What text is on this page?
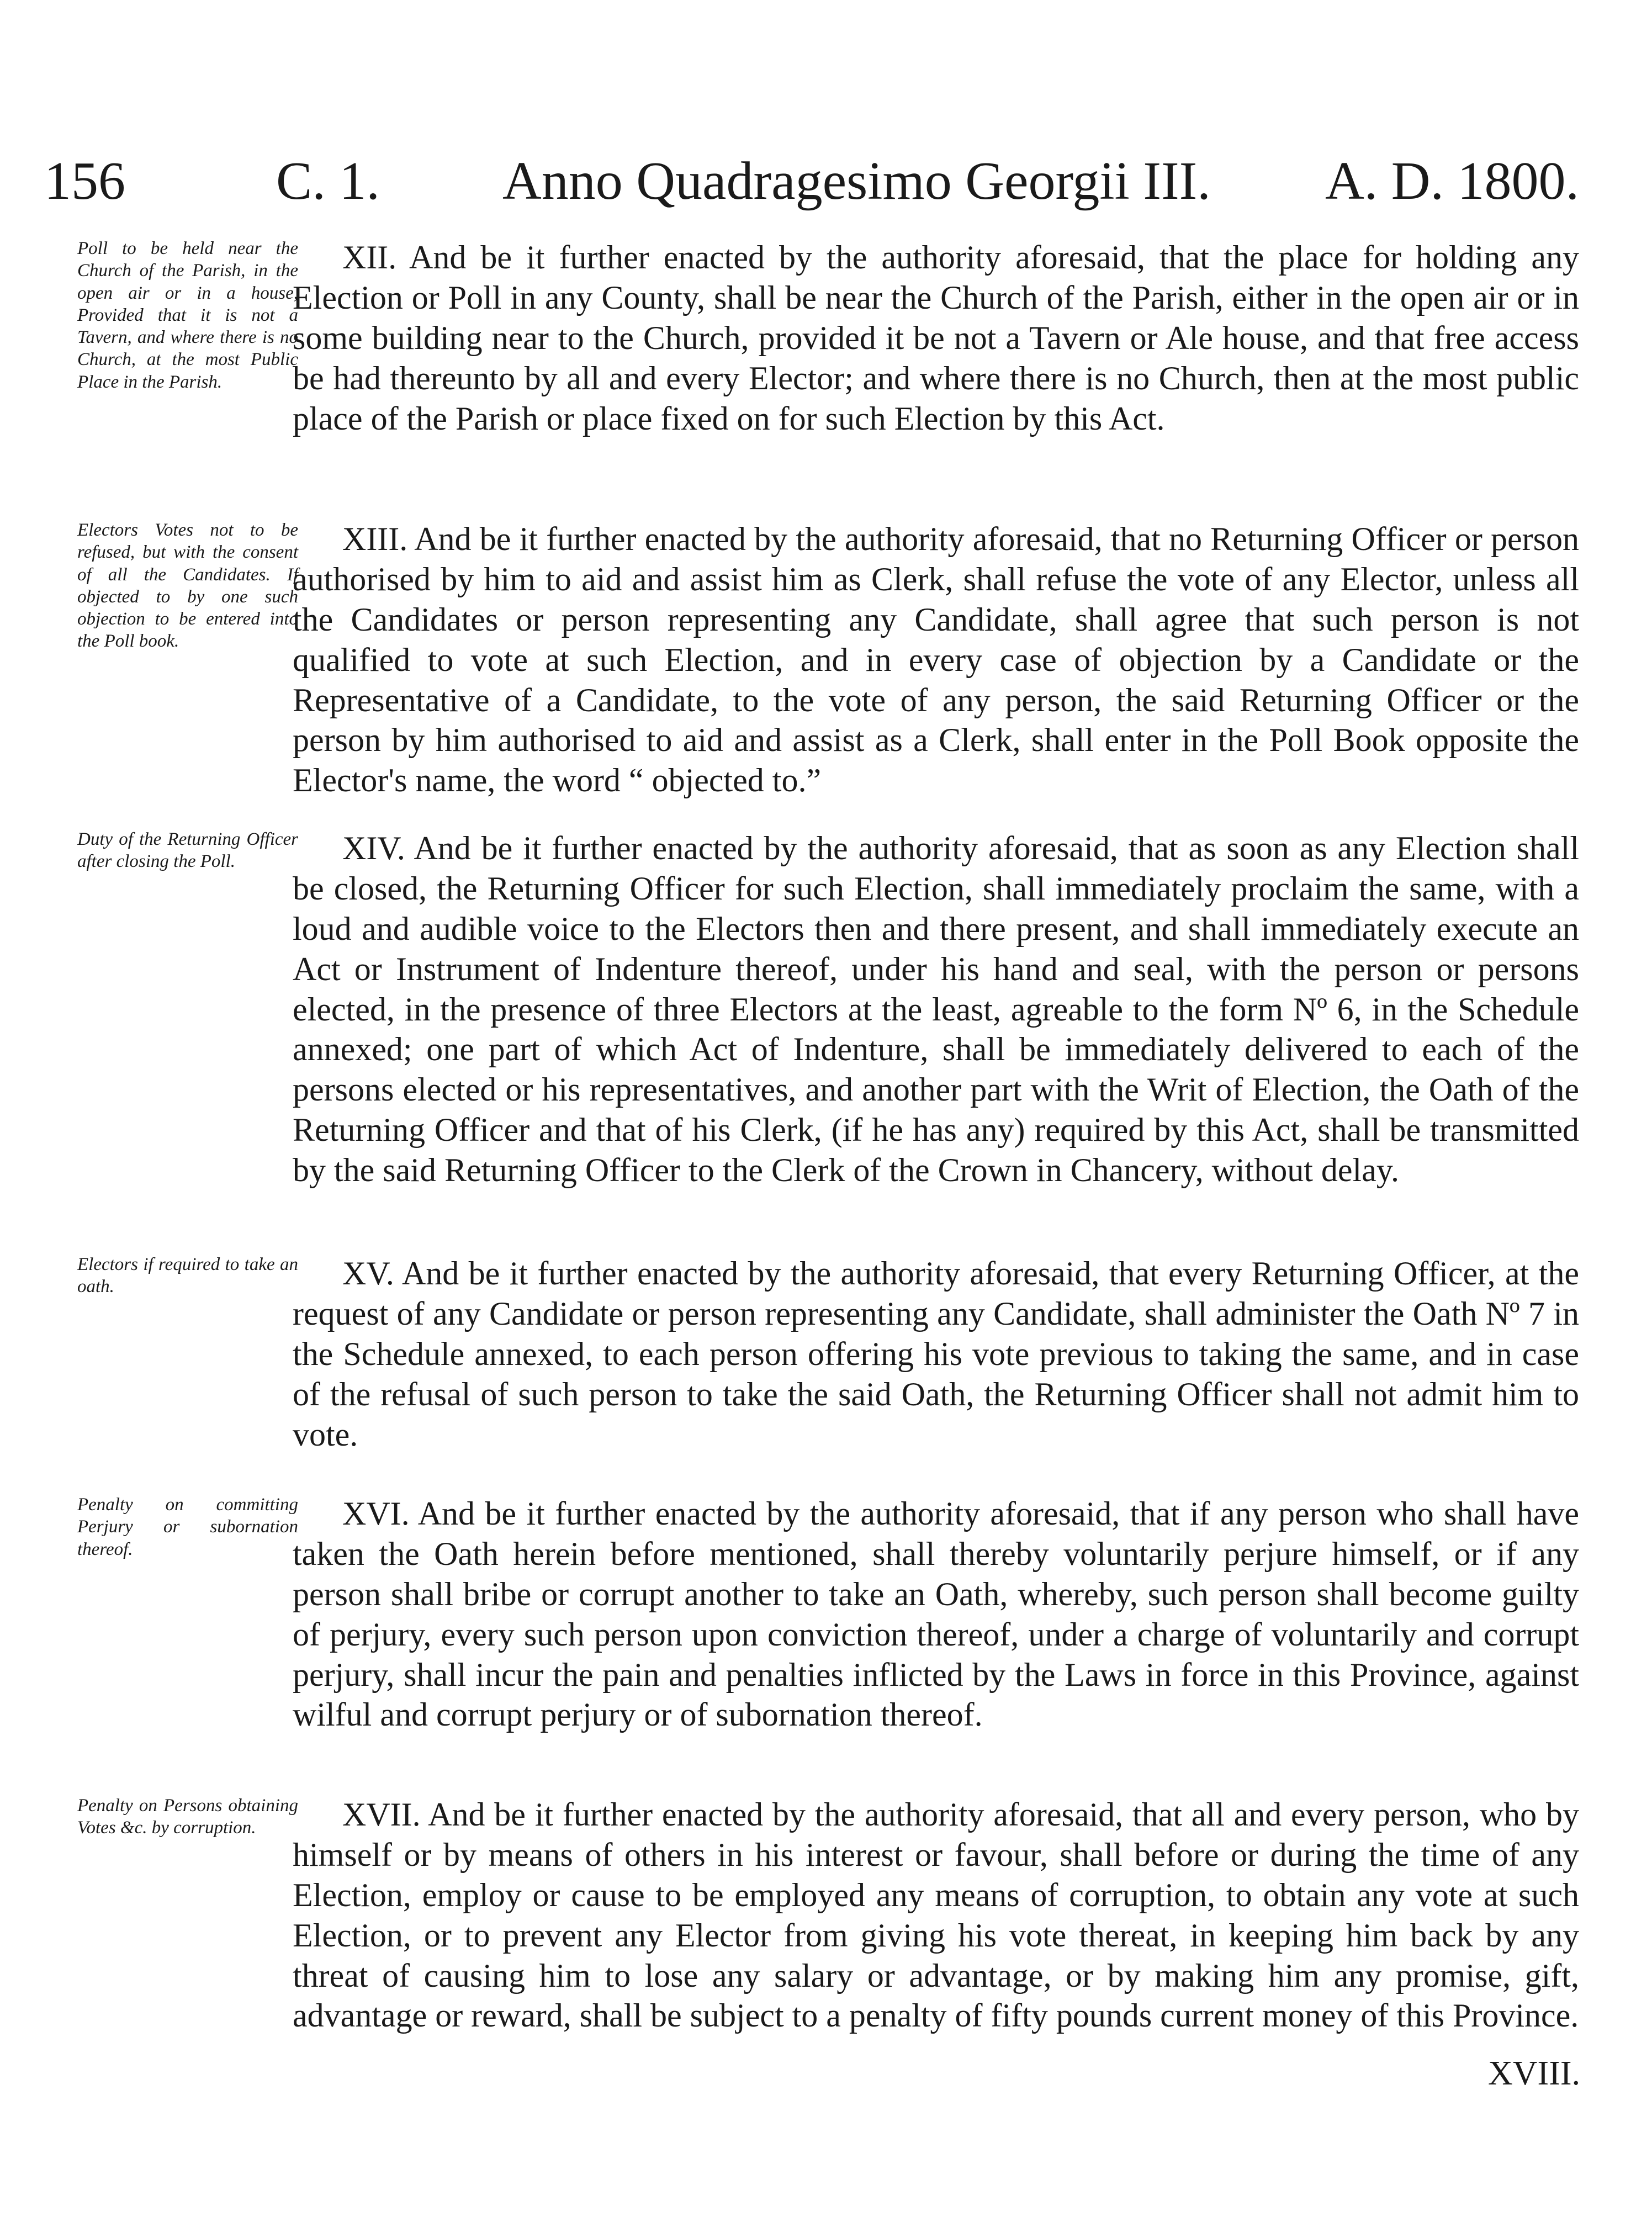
156	C. 1. Anno Quadragesimo Georgii III. A. D. 1800.
Poll to be held near the Church of the Parish, in the open air or in a house, Provided that it is not a Tavern, and where there is no Church, at the most Public Place in the Parish.
XII. And be it further enacted by the authority aforesaid, that the place for holding any Election or Poll in any County, shall be near the Church of the Parish, either in the open air or in some building near to the Church, provided it be not a Tavern or Ale house, and that free access be had thereunto by all and every Elector; and where there is no Church, then at the most public place of the Parish or place fixed on for such Election by this Act.
Electors Votes not to be refused, but with the consent of all the Candidates. If objected to by one such objection to be entered into the Poll book.
XIII. And be it further enacted by the authority aforesaid, that no Returning Officer or person authorised by him to aid and assist him as Clerk, shall refuse the vote of any Elector, unless all the Candidates or person representing any Candidate, shall agree that such person is not qualified to vote at such Election, and in every case of objection by a Candidate or the Representative of a Candidate, to the vote of any person, the said Returning Officer or the person by him authorised to aid and assist as a Clerk, shall enter in the Poll Book opposite the Elector's name, the word “ objected to.”
Duty of the Returning Officer after closing the Poll.	XIV. And be it further enacted by the authority aforesaid, that as soon as any Election shall be closed, the Returning Officer for such Election, shall immediately proclaim the same, with a loud and audible voice to the Electors then and there present, and shall immediately execute an Act or Instrument of Indenture thereof, under his hand and seal, with the person or persons elected, in the presence of three Electors at the least, agreable to the form Nº 6, in the Schedule annexed; one part of which Act of Indenture, shall be immediately delivered to each of the persons elected or his representatives, and another part with the Writ of Election, the Oath of the Returning Officer and that of his Clerk, (if he has any) required by this Act, shall be transmitted by the said Returning Officer to the Clerk of the Crown in Chancery, without delay.
Electors if required to take an oath.	XV. And be it further enacted by the authority aforesaid, that every Returning Officer, at the request of any Candidate or person representing any Candidate, shall administer the Oath Nº 7 in the Schedule annexed, to each person offering his vote previous to taking the same, and in case of the refusal of such person to take the said Oath, the Returning Officer shall not admit him to vote.
Penalty on committing Perjury or subornation thereof.
XVI. And be it further enacted by the authority aforesaid, that if any person who shall have taken the Oath herein before mentioned, shall thereby voluntarily perjure himself, or if any person shall bribe or corrupt another to take an Oath, whereby, such person shall become guilty of perjury, every such person upon conviction thereof, under a charge of voluntarily and corrupt perjury, shall incur the pain and penalties inflicted by the Laws in force in this Province, against wilful and corrupt perjury or of subornation thereof.
Penalty on Persons obtaining Votes &c. by corruption.	XVII. And be it further enacted by the authority aforesaid, that all and every person, who by himself or by means of others in his interest or favour, shall before or during the time of any Election, employ or cause to be employed any means of corruption, to obtain any vote at such Election, or to prevent any Elector from giving his vote thereat, in keeping him back by any threat of causing him to lose any salary or advantage, or by making him any promise, gift, advantage or reward, shall be subject to a penalty of fifty pounds current money of this Province.
XVIII.
